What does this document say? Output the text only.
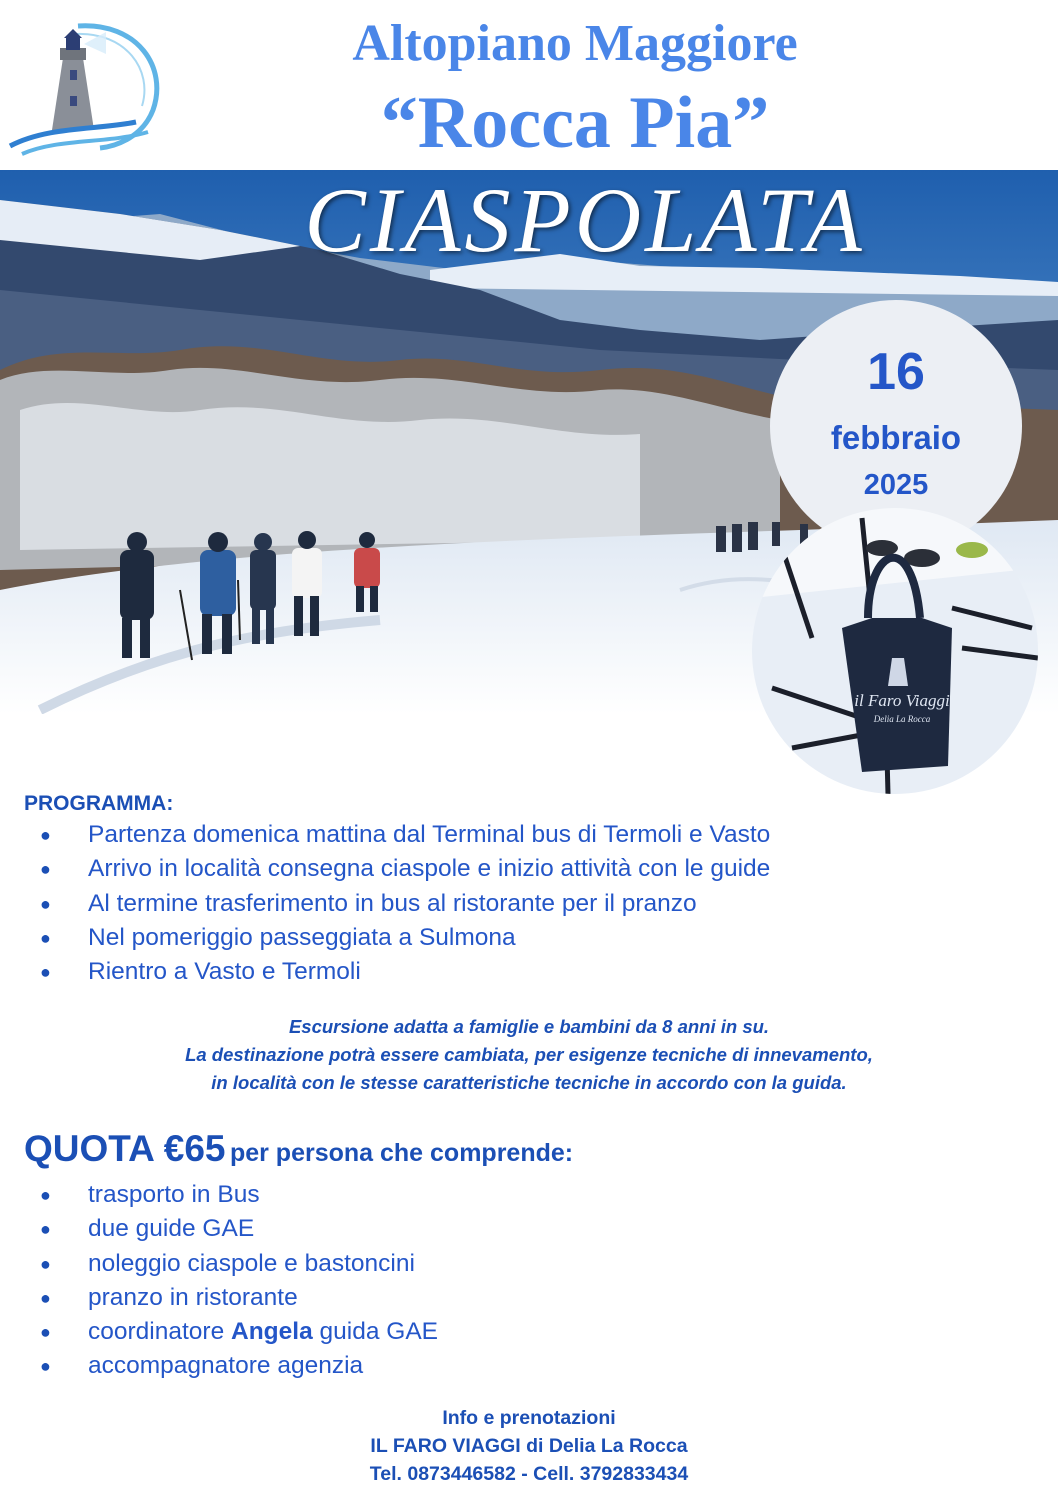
Altopiano Maggiore
“Rocca Pia”
CIASPOLATA
16
febbraio
2025
il Faro Viaggi
Delia La Rocca
PROGRAMMA:
● Partenza domenica mattina dal Terminal bus di Termoli e Vasto
● Arrivo in località consegna ciaspole e inizio attività con le guide
● Al termine trasferimento in bus al ristorante per il pranzo
● Nel pomeriggio passeggiata a Sulmona
● Rientro a Vasto e Termoli
Escursione adatta a famiglie e bambini da 8 anni in su.
La destinazione potrà essere cambiata, per esigenze tecniche di innevamento,
in località con le stesse caratteristiche tecniche in accordo con la guida.
QUOTA €65 per persona che comprende:
● trasporto in Bus
● due guide GAE
● noleggio ciaspole e bastoncini
● pranzo in ristorante
● coordinatore Angela guida GAE
● accompagnatore agenzia
Info e prenotazioni
IL FARO VIAGGI di Delia La Rocca
Tel. 0873446582 - Cell. 3792833434
